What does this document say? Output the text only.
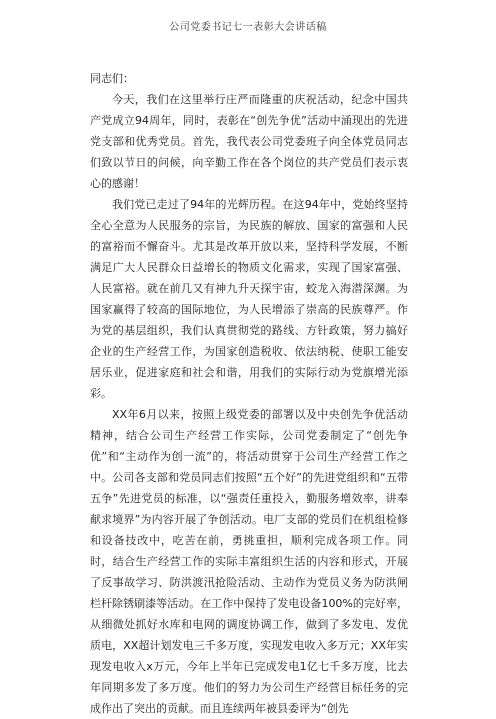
公司党委书记七一表彰大会讲话稿

同志们：

今天，我们在这里举行庄严而隆重的庆祝活动，纪念中国共产党成立94周年，同时，表彰在“创先争优”活动中涌现出的先进党支部和优秀党员。首先，我代表公司党委班子向全体党员同志们致以节日的问候，向辛勤工作在各个岗位的共产党员们表示衷心的感谢！

我们党已走过了94年的光辉历程。在这94年中，党始终坚持全心全意为人民服务的宗旨，为民族的解放、国家的富强和人民的富裕而不懈奋斗。尤其是改革开放以来，坚持科学发展，不断满足广大人民群众日益增长的物质文化需求，实现了国家富强、人民富裕。就在前几又有神九升天探宇宙，蛟龙入海潜深渊。为国家赢得了较高的国际地位，为人民增添了崇高的民族尊严。作为党的基层组织，我们认真贯彻党的路线、方针政策，努力搞好企业的生产经营工作，为国家创造税收、依法纳税、使职工能安居乐业，促进家庭和社会和谐，用我们的实际行动为党旗增光添彩。

XX年6月以来，按照上级党委的部署以及中央创先争优活动精神，结合公司生产经营工作实际，公司党委制定了“创先争优”和“主动作为创一流”的，将活动贯穿于公司生产经营工作之中。公司各支部和党员同志们按照“五个好”的先进党组织和“五带五争”先进党员的标准，以“强责任重投入，勤服务增效率，讲奉献求境界”为内容开展了争创活动。电厂支部的党员们在机组检修和设备技改中，吃苦在前，勇挑重担，顺利完成各项工作。同时，结合生产经营工作的实际丰富组织生活的内容和形式，开展了反事故学习、防洪渡汛抢险活动、主动作为党员义务为防洪闸栏杆除锈刷漆等活动。在工作中保持了发电设备100%的完好率，从细微处抓好水库和电网的调度协调工作，做到了多发电、发优质电，XX超计划发电三千多万度，实现发电收入多万元；XX年实现发电收入x万元，今年上半年已完成发电1亿七千多万度，比去年同期多发了多万度。他们的努力为公司生产经营目标任务的完成作出了突出的贡献。而且连续两年被县委评为“创先
